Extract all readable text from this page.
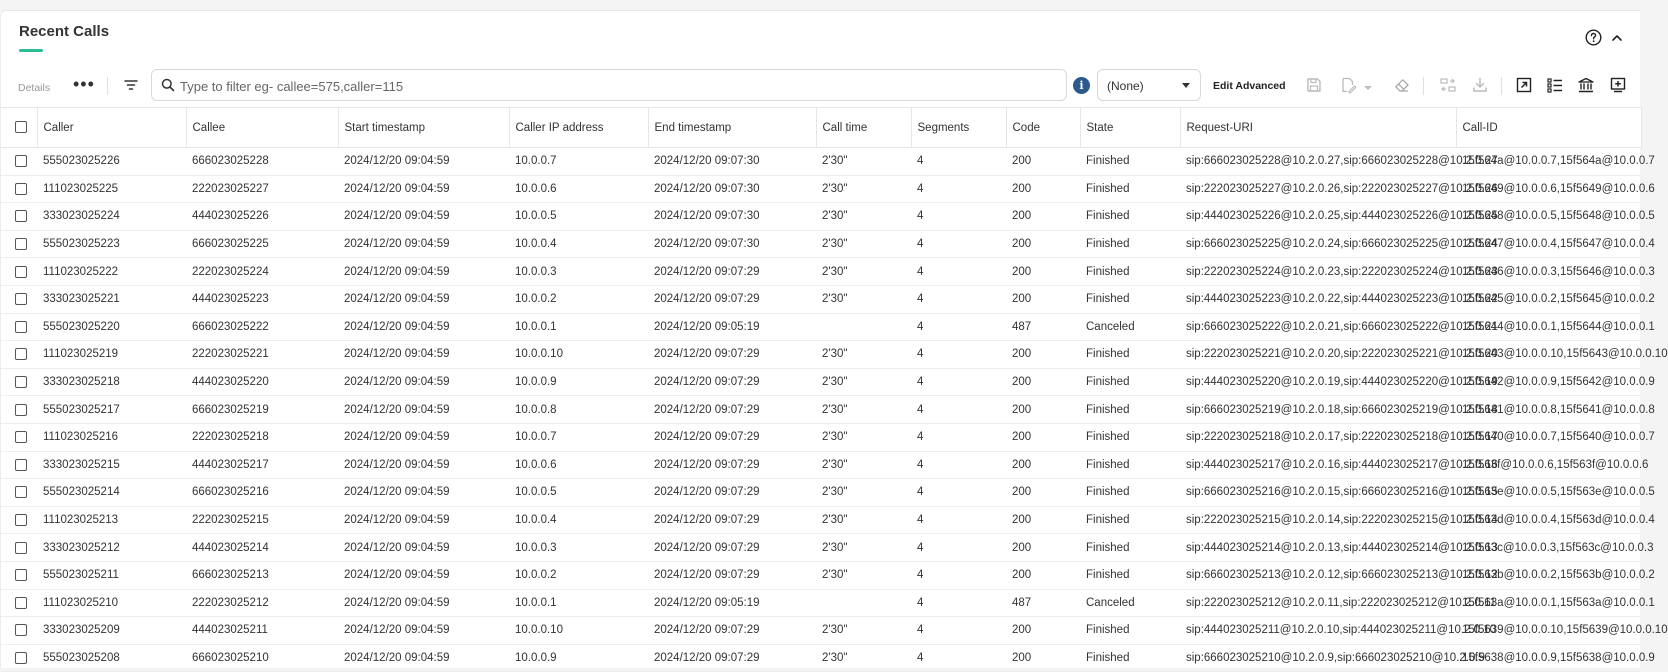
Recent Calls
Details •••
Type to filter eg- callee=575,caller=115	i	(None)	Edit Advanced
	Caller	Callee	Start timestamp	Caller IP address	End timestamp	Call time	Segments	Code	State	Request-URI	Call-ID
	555023025226	666023025228	2024/12/20 09:04:59	10.0.0.7	2024/12/20 09:07:30	2'30"	4	200	Finished	sip:666023025228@10.2.0.27,sip:666023025228@10.2.0.27	15f564a@10.0.0.7,15f564a@10.0.0.7
	111023025225	222023025227	2024/12/20 09:04:59	10.0.0.6	2024/12/20 09:07:30	2'30"	4	200	Finished	sip:222023025227@10.2.0.26,sip:222023025227@10.2.0.26	15f5649@10.0.0.6,15f5649@10.0.0.6
	333023025224	444023025226	2024/12/20 09:04:59	10.0.0.5	2024/12/20 09:07:30	2'30"	4	200	Finished	sip:444023025226@10.2.0.25,sip:444023025226@10.2.0.25	15f5648@10.0.0.5,15f5648@10.0.0.5
	555023025223	666023025225	2024/12/20 09:04:59	10.0.0.4	2024/12/20 09:07:30	2'30"	4	200	Finished	sip:666023025225@10.2.0.24,sip:666023025225@10.2.0.24	15f5647@10.0.0.4,15f5647@10.0.0.4
	111023025222	222023025224	2024/12/20 09:04:59	10.0.0.3	2024/12/20 09:07:29	2'30"	4	200	Finished	sip:222023025224@10.2.0.23,sip:222023025224@10.2.0.23	15f5646@10.0.0.3,15f5646@10.0.0.3
	333023025221	444023025223	2024/12/20 09:04:59	10.0.0.2	2024/12/20 09:07:29	2'30"	4	200	Finished	sip:444023025223@10.2.0.22,sip:444023025223@10.2.0.22	15f5645@10.0.0.2,15f5645@10.0.0.2
	555023025220	666023025222	2024/12/20 09:04:59	10.0.0.1	2024/12/20 09:05:19		4	487	Canceled	sip:666023025222@10.2.0.21,sip:666023025222@10.2.0.21	15f5644@10.0.0.1,15f5644@10.0.0.1
	111023025219	222023025221	2024/12/20 09:04:59	10.0.0.10	2024/12/20 09:07:29	2'30"	4	200	Finished	sip:222023025221@10.2.0.20,sip:222023025221@10.2.0.20	15f5643@10.0.0.10,15f5643@10.0.0.10
	333023025218	444023025220	2024/12/20 09:04:59	10.0.0.9	2024/12/20 09:07:29	2'30"	4	200	Finished	sip:444023025220@10.2.0.19,sip:444023025220@10.2.0.19	15f5642@10.0.0.9,15f5642@10.0.0.9
	555023025217	666023025219	2024/12/20 09:04:59	10.0.0.8	2024/12/20 09:07:29	2'30"	4	200	Finished	sip:666023025219@10.2.0.18,sip:666023025219@10.2.0.18	15f5641@10.0.0.8,15f5641@10.0.0.8
	111023025216	222023025218	2024/12/20 09:04:59	10.0.0.7	2024/12/20 09:07:29	2'30"	4	200	Finished	sip:222023025218@10.2.0.17,sip:222023025218@10.2.0.17	15f5640@10.0.0.7,15f5640@10.0.0.7
	333023025215	444023025217	2024/12/20 09:04:59	10.0.0.6	2024/12/20 09:07:29	2'30"	4	200	Finished	sip:444023025217@10.2.0.16,sip:444023025217@10.2.0.16	15f563f@10.0.0.6,15f563f@10.0.0.6
	555023025214	666023025216	2024/12/20 09:04:59	10.0.0.5	2024/12/20 09:07:29	2'30"	4	200	Finished	sip:666023025216@10.2.0.15,sip:666023025216@10.2.0.15	15f563e@10.0.0.5,15f563e@10.0.0.5
	111023025213	222023025215	2024/12/20 09:04:59	10.0.0.4	2024/12/20 09:07:29	2'30"	4	200	Finished	sip:222023025215@10.2.0.14,sip:222023025215@10.2.0.14	15f563d@10.0.0.4,15f563d@10.0.0.4
	333023025212	444023025214	2024/12/20 09:04:59	10.0.0.3	2024/12/20 09:07:29	2'30"	4	200	Finished	sip:444023025214@10.2.0.13,sip:444023025214@10.2.0.13	15f563c@10.0.0.3,15f563c@10.0.0.3
	555023025211	666023025213	2024/12/20 09:04:59	10.0.0.2	2024/12/20 09:07:29	2'30"	4	200	Finished	sip:666023025213@10.2.0.12,sip:666023025213@10.2.0.12	15f563b@10.0.0.2,15f563b@10.0.0.2
	111023025210	222023025212	2024/12/20 09:04:59	10.0.0.1	2024/12/20 09:05:19		4	487	Canceled	sip:222023025212@10.2.0.11,sip:222023025212@10.2.0.11	15f563a@10.0.0.1,15f563a@10.0.0.1
	333023025209	444023025211	2024/12/20 09:04:59	10.0.0.10	2024/12/20 09:07:29	2'30"	4	200	Finished	sip:444023025211@10.2.0.10,sip:444023025211@10.2.0.10	15f5639@10.0.0.10,15f5639@10.0.0.10
	555023025208	666023025210	2024/12/20 09:04:59	10.0.0.9	2024/12/20 09:07:29	2'30"	4	200	Finished	sip:666023025210@10.2.0.9,sip:666023025210@10.2.0.9	15f5638@10.0.0.9,15f5638@10.0.0.9
